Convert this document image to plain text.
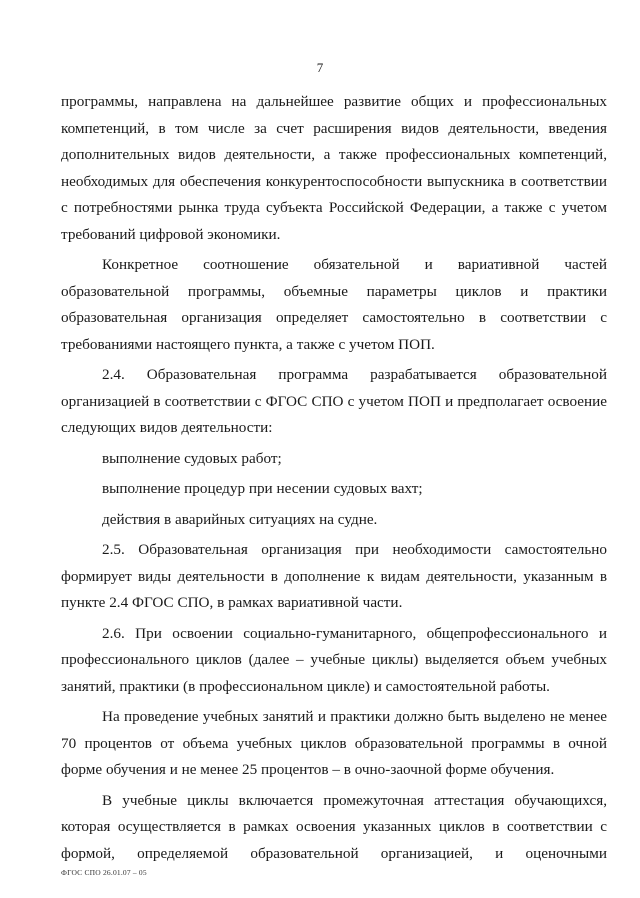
7

программы, направлена на дальнейшее развитие общих и профессиональных компетенций, в том числе за счет расширения видов деятельности, введения дополнительных видов деятельности, а также профессиональных компетенций, необходимых для обеспечения конкурентоспособности выпускника в соответствии с потребностями рынка труда субъекта Российской Федерации, а также с учетом требований цифровой экономики.

Конкретное соотношение обязательной и вариативной частей образовательной программы, объемные параметры циклов и практики образовательная организация определяет самостоятельно в соответствии с требованиями настоящего пункта, а также с учетом ПОП.

2.4. Образовательная программа разрабатывается образовательной организацией в соответствии с ФГОС СПО с учетом ПОП и предполагает освоение следующих видов деятельности:

выполнение судовых работ;

выполнение процедур при несении судовых вахт;

действия в аварийных ситуациях на судне.

2.5. Образовательная организация при необходимости самостоятельно формирует виды деятельности в дополнение к видам деятельности, указанным в пункте 2.4 ФГОС СПО, в рамках вариативной части.

2.6. При освоении социально-гуманитарного, общепрофессионального и профессионального циклов (далее – учебные циклы) выделяется объем учебных занятий, практики (в профессиональном цикле) и самостоятельной работы.

На проведение учебных занятий и практики должно быть выделено не менее 70 процентов от объема учебных циклов образовательной программы в очной форме обучения и не менее 25 процентов – в очно-заочной форме обучения.

В учебные циклы включается промежуточная аттестация обучающихся, которая осуществляется в рамках освоения указанных циклов в соответствии с формой, определяемой образовательной организацией, и оценочными

ФГОС СПО 26.01.07 – 05
